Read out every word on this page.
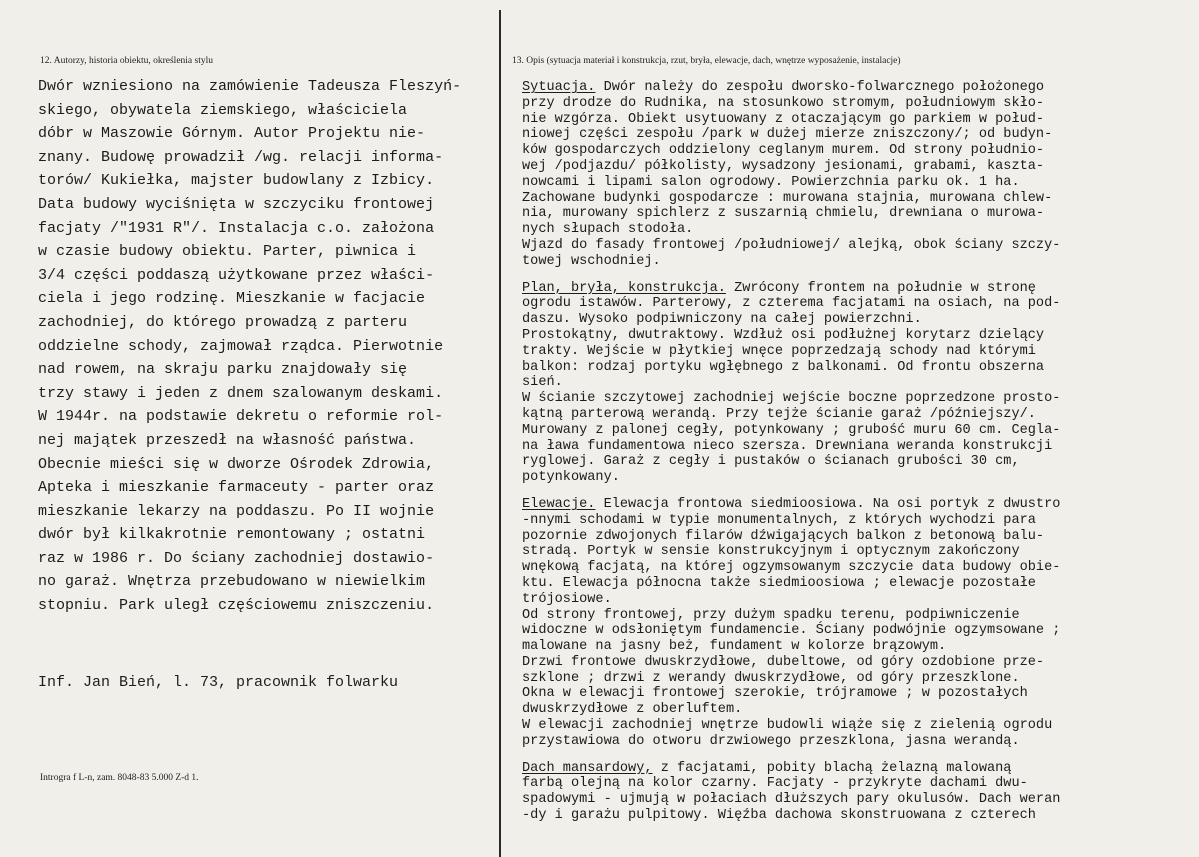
12. Autorzy, historia obiektu, określenia stylu	13. Opis (sytuacja materiał i konstrukcja, rzut, bryła, elewacje, dach, wnętrze wyposażenie, instalacje)
Dwór wzniesiono na zamówienie Tadeusza Fleszyń-
skiego, obywatela ziemskiego, właściciela
dóbr w Maszowie Górnym. Autor Projektu nie-
znany. Budowę prowadził /wg. relacji informa-
torów/ Kukiełka, majster budowlany z Izbicy.
Data budowy wyciśnięta w szczyciku frontowej
facjaty /"1931 R"/. Instalacja c.o. założona
w czasie budowy obiektu. Parter, piwnica i
3/4 części poddaszą użytkowane przez właści-
ciela i jego rodzinę. Mieszkanie w facjacie
zachodniej, do którego prowadzą z parteru
oddzielne schody, zajmował rządca. Pierwotnie
nad rowem, na skraju parku znajdowały się
trzy stawy i jeden z dnem szalowanym deskami.
W 1944r. na podstawie dekretu o reformie rol-
nej majątek przeszedł na własność państwa.
Obecnie mieści się w dworze Ośrodek Zdrowia,
Apteka i mieszkanie farmaceuty - parter oraz
mieszkanie lekarzy na poddaszu. Po II wojnie
dwór był kilkakrotnie remontowany ; ostatni
raz w 1986 r. Do ściany zachodniej dostawio-
no garaż. Wnętrza przebudowano w niewielkim
stopniu. Park uległ częściowemu zniszczeniu.
Inf. Jan Bień, l. 73, pracownik folwarku
Introgra f L-n, zam. 8048-83 5.000 Z-d 1.
Sytuacja. Dwór należy do zespołu dworsko-folwarcznego położonego
przy drodze do Rudnika, na stosunkowo stromym, południowym skło-
nie wzgórza. Obiekt usytuowany z otaczającym go parkiem w połud-
niowej części zespołu /park w dużej mierze zniszczony/; od budyn-
ków gospodarczych oddzielony ceglanym murem. Od strony południo-
wej /podjazdu/ półkolisty, wysadzony jesionami, grabami, kaszta-
nowcami i lipami salon ogrodowy. Powierzchnia parku ok. 1 ha.
Zachowane budynki gospodarcze : murowana stajnia, murowana chlew-
nia, murowany spichlerz z suszarnią chmielu, drewniana o murowa-
nych słupach stodoła.
Wjazd do fasady frontowej /południowej/ alejką, obok ściany szczy-
towej wschodniej.
Plan, bryła, konstrukcja. Zwrócony frontem na południe w stronę
ogrodu istawów. Parterowy, z czterema facjatami na osiach, na pod-
daszu. Wysoko podpiwniczony na całej powierzchni.
Prostokątny, dwutraktowy. Wzdłuż osi podłużnej korytarz dzielący
trakty. Wejście w płytkiej wnęce poprzedzają schody nad którymi
balkon: rodzaj portyku wgłębnego z balkonami. Od frontu obszerna
sień.
W ścianie szczytowej zachodniej wejście boczne poprzedzone prosto-
kątną parterową werandą. Przy tejże ścianie garaż /późniejszy/.
Murowany z palonej cegły, potynkowany ; grubość muru 60 cm. Cegla-
na ława fundamentowa nieco szersza. Drewniana weranda konstrukcji
ryglowej. Garaż z cegły i pustaków o ścianach grubości 30 cm,
potynkowany.
Elewacje. Elewacja frontowa siedmioosiowa. Na osi portyk z dwustro
-nnymi schodami w typie monumentalnych, z których wychodzi para
pozornie zdwojonych filarów dźwigających balkon z betonową balu-
stradą. Portyk w sensie konstrukcyjnym i optycznym zakończony
wnękową facjatą, na której ogzymsowanym szczycie data budowy obie-
ktu. Elewacja północna także siedmioosiowa ; elewacje pozostałe
trójosiowe.
Od strony frontowej, przy dużym spadku terenu, podpiwniczenie
widoczne w odsłoniętym fundamencie. Ściany podwójnie ogzymsowane ;
malowane na jasny beż, fundament w kolorze brązowym.
Drzwi frontowe dwuskrzydłowe, dubeltowe, od góry ozdobione prze-
szklone ; drzwi z werandy dwuskrzydłowe, od góry przeszklone.
Okna w elewacji frontowej szerokie, trójramowe ; w pozostałych
dwuskrzydłowe z oberluftem.
W elewacji zachodniej wnętrze budowli wiąże się z zielenią ogrodu
przystawiowa do otworu drzwiowego przeszklona, jasna werandą.
Dach mansardowy, z facjatami, pobity blachą żelazną malowaną
farbą olejną na kolor czarny. Facjaty - przykryte dachami dwu-
spadowymi - ujmują w połaciach dłuższych pary okulusów. Dach weran
-dy i garażu pulpitowy. Więźba dachowa skonstruowana z czterech
